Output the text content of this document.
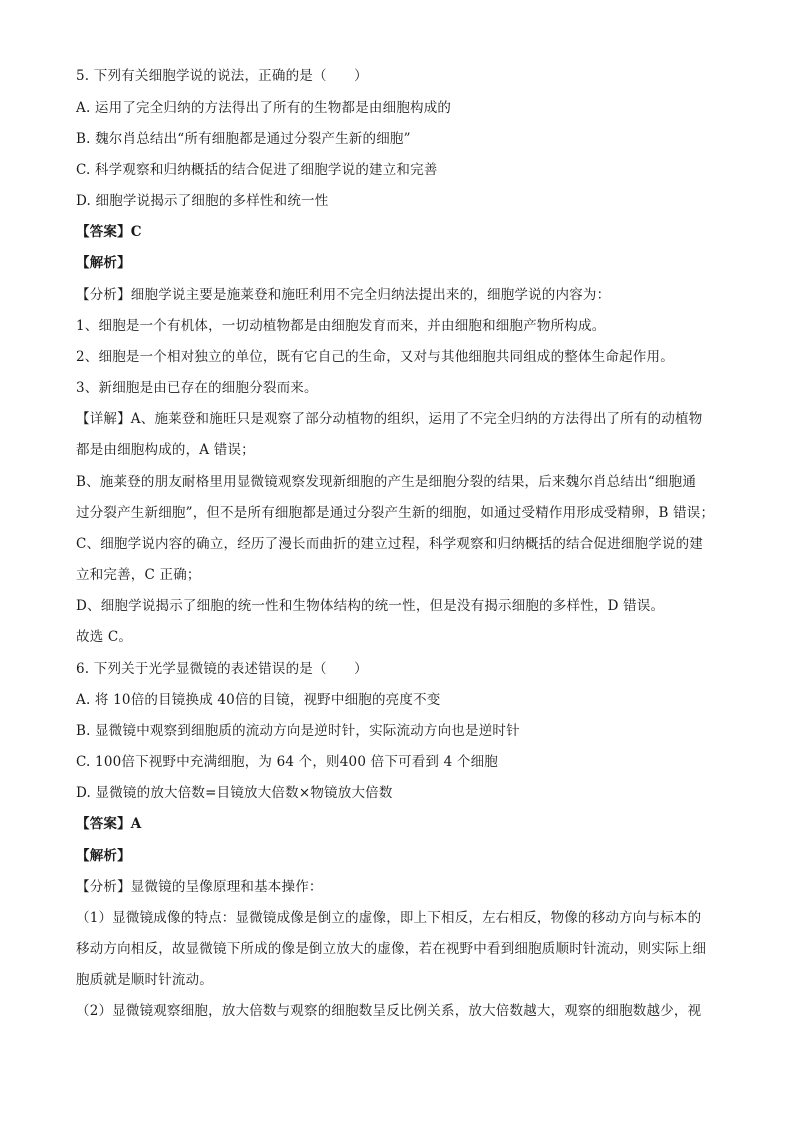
5. 下列有关细胞学说的说法，正确的是（　　）
A. 运用了完全归纳的方法得出了所有的生物都是由细胞构成的
B. 魏尔肖总结出“所有细胞都是通过分裂产生新的细胞”
C. 科学观察和归纳概括的结合促进了细胞学说的建立和完善
D. 细胞学说揭示了细胞的多样性和统一性
【答案】C
【解析】
【分析】细胞学说主要是施莱登和施旺利用不完全归纳法提出来的，细胞学说的内容为：
1、细胞是一个有机体，一切动植物都是由细胞发育而来，并由细胞和细胞产物所构成。
2、细胞是一个相对独立的单位，既有它自己的生命，又对与其他细胞共同组成的整体生命起作用。
3、新细胞是由已存在的细胞分裂而来。
【详解】A、施莱登和施旺只是观察了部分动植物的组织，运用了不完全归纳的方法得出了所有的动植物
都是由细胞构成的，A 错误；
B、施莱登的朋友耐格里用显微镜观察发现新细胞的产生是细胞分裂的结果，后来魏尔肖总结出“细胞通
过分裂产生新细胞”，但不是所有细胞都是通过分裂产生新的细胞，如通过受精作用形成受精卵，B 错误；
C、细胞学说内容的确立，经历了漫长而曲折的建立过程，科学观察和归纳概括的结合促进细胞学说的建
立和完善，C 正确；
D、细胞学说揭示了细胞的统一性和生物体结构的统一性，但是没有揭示细胞的多样性，D 错误。
故选 C。
6. 下列关于光学显微镜的表述错误的是（　　）
A. 将 10倍的目镜换成 40倍的目镜，视野中细胞的亮度不变
B. 显微镜中观察到细胞质的流动方向是逆时针，实际流动方向也是逆时针
C. 100倍下视野中充满细胞，为 64 个，则400 倍下可看到 4 个细胞
D. 显微镜的放大倍数=目镜放大倍数×物镜放大倍数
【答案】A
【解析】
【分析】显微镜的呈像原理和基本操作：
（1）显微镜成像的特点：显微镜成像是倒立的虚像，即上下相反，左右相反，物像的移动方向与标本的
移动方向相反，故显微镜下所成的像是倒立放大的虚像，若在视野中看到细胞质顺时针流动，则实际上细
胞质就是顺时针流动。
（2）显微镜观察细胞，放大倍数与观察的细胞数呈反比例关系，放大倍数越大，观察的细胞数越少，视
